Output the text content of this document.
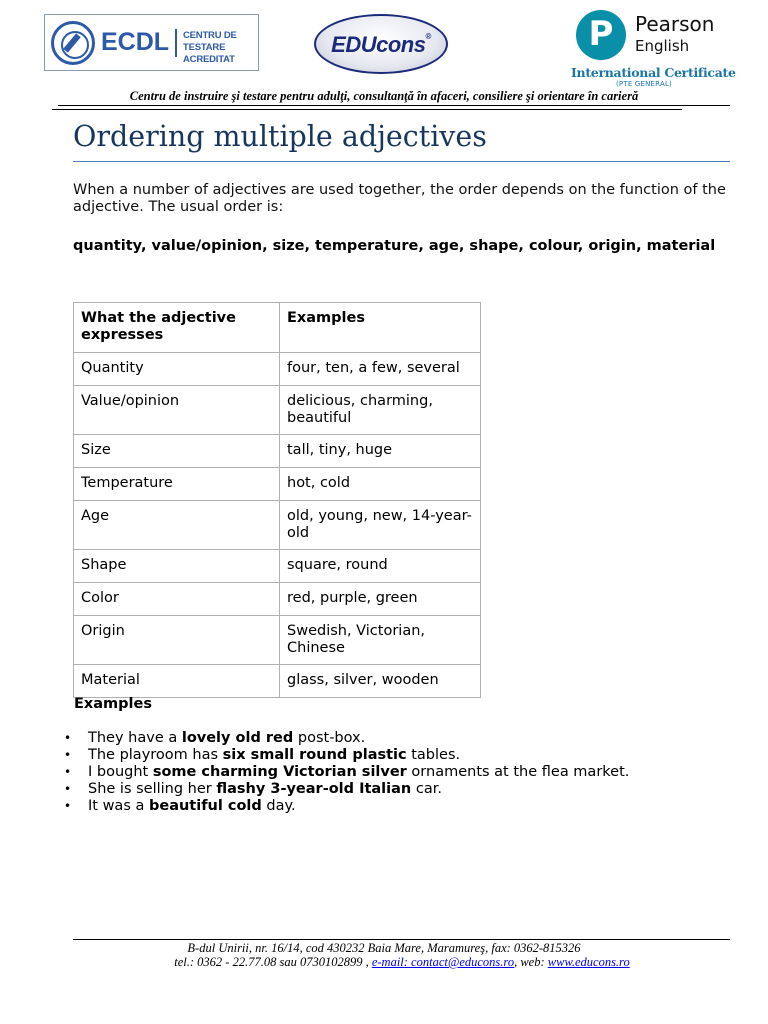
ECDL CENTRU DE TESTARE ACREDITAT
EDUcons®	P	Pearson
English
International Certificate
(PTE GENERAL)
Centru de instruire şi testare pentru adulţi, consultanţă în afaceri, consiliere şi orientare în carieră
Ordering multiple adjectives

When a number of adjectives are used together, the order depends on the function of the adjective. The usual order is:

quantity, value/opinion, size, temperature, age, shape, colour, origin, material

What the adjective expresses	Examples
Quantity	four, ten, a few, several
Value/opinion	delicious, charming, beautiful
Size	tall, tiny, huge
Temperature	hot, cold
Age	old, young, new, 14-year-old
Shape	square, round
Color	red, purple, green
Origin	Swedish, Victorian, Chinese
Material	glass, silver, wooden
Examples
• They have a lovely old red post-box.
• The playroom has six small round plastic tables.
• I bought some charming Victorian silver ornaments at the flea market.
• She is selling her flashy 3-year-old Italian car.
• It was a beautiful cold day.
B-dul Unirii, nr. 16/14, cod 430232 Baia Mare, Maramureş, fax: 0362-815326
tel.: 0362 - 22.77.08 sau 0730102899 , e-mail: contact@educons.ro, web: www.educons.ro
